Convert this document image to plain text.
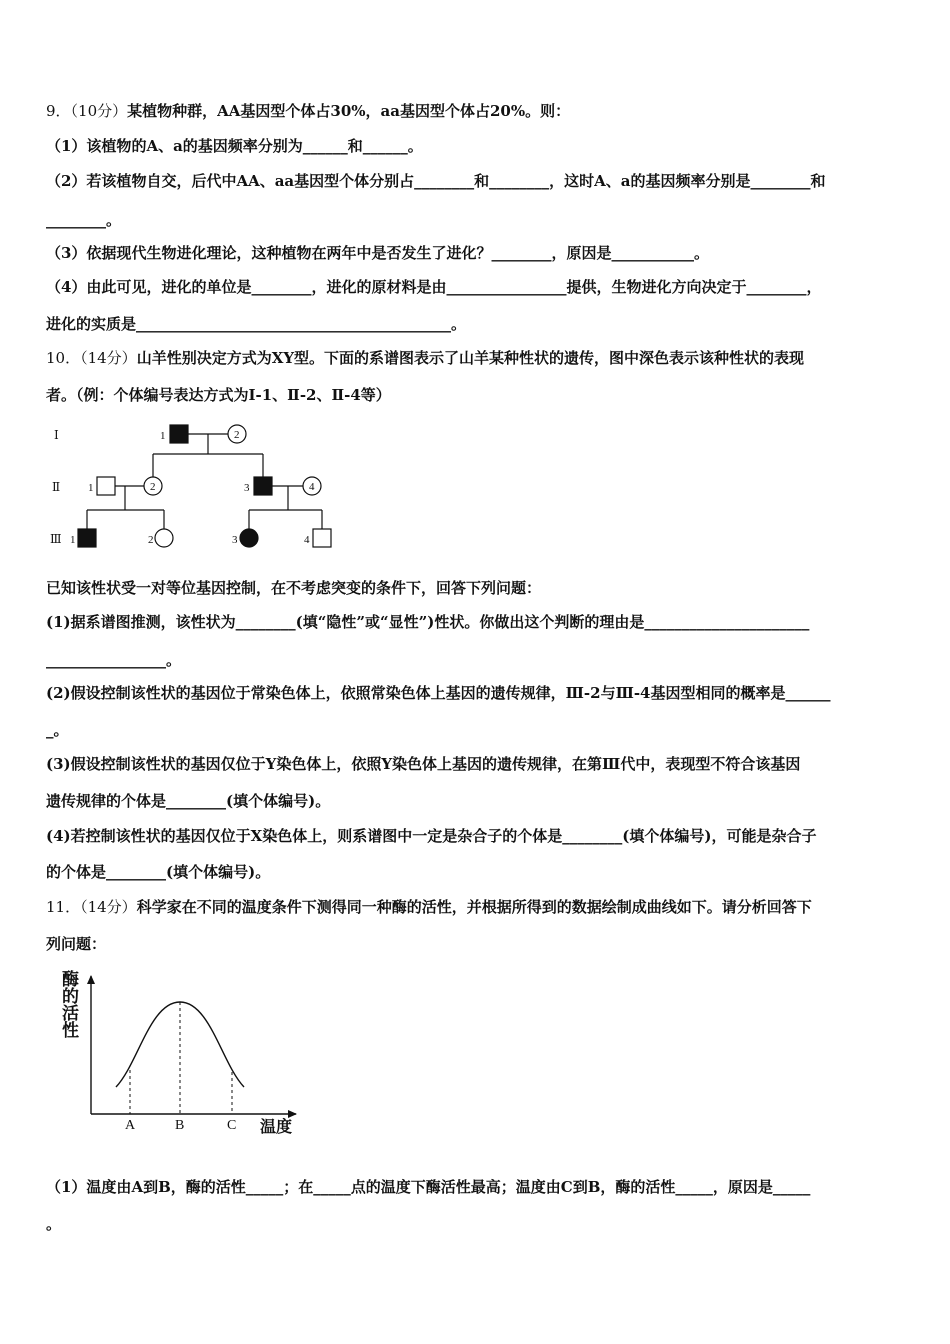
9．（10分）某植物种群，AA基因型个体占30%，aa基因型个体占20%。则：
（1）该植物的A、a的基因频率分别为______和______。
（2）若该植物自交，后代中AA、aa基因型个体分别占________和________，这时A、a的基因频率分别是________和
________。
（3）依据现代生物进化理论，这种植物在两年中是否发生了进化？________，原因是___________。
（4）由此可见，进化的单位是________，进化的原材料是由________________提供，生物进化方向决定于________，
进化的实质是__________________________________________。
10．（14分）山羊性别决定方式为XY型。下面的系谱图表示了山羊某种性状的遗传，图中深色表示该种性状的表现
者。（例：个体编号表达方式为Ⅰ-1、Ⅱ-2、Ⅱ-4等）
Ⅰ
Ⅱ
Ⅲ
1	2
1	2	3	4
1	2	3	4
已知该性状受一对等位基因控制，在不考虑突变的条件下，回答下列问题：
(1)据系谱图推测，该性状为________(填“隐性”或“显性”)性状。你做出这个判断的理由是______________________
________________。
(2)假设控制该性状的基因位于常染色体上，依照常染色体上基因的遗传规律，Ⅲ-2与Ⅲ-4基因型相同的概率是______
_。
(3)假设控制该性状的基因仅位于Y染色体上，依照Y染色体上基因的遗传规律，在第Ⅲ代中，表现型不符合该基因
遗传规律的个体是________(填个体编号)。
(4)若控制该性状的基因仅位于X染色体上，则系谱图中一定是杂合子的个体是________(填个体编号)，可能是杂合子
的个体是________(填个体编号)。
11．（14分）科学家在不同的温度条件下测得同一种酶的活性，并根据所得到的数据绘制成曲线如下。请分析回答下
列问题：
酶
的
活
性
A	B	C 温度
（1）温度由A到B，酶的活性_____；在_____点的温度下酶活性最高；温度由C到B，酶的活性_____，原因是_____
。
